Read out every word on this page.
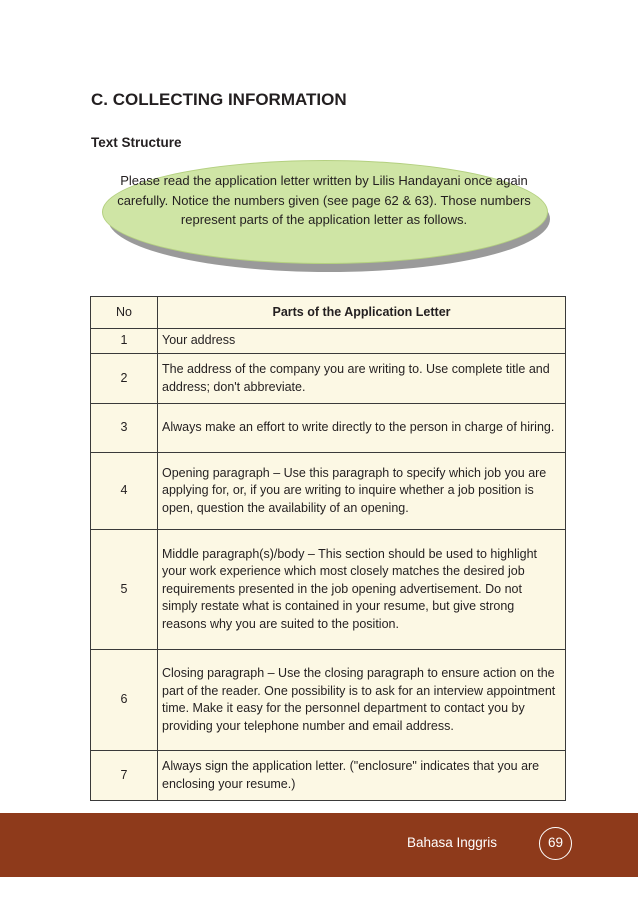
C. COLLECTING INFORMATION
Text Structure

Please read the application letter written by Lilis Handayani once again carefully. Notice the numbers given (see page 62 & 63). Those numbers represent parts of the application letter as follows.

No	Parts of the Application Letter
1	Your address
2	The address of the company you are writing to. Use complete title and address; don't abbreviate.
3	Always make an effort to write directly to the person in charge of hiring.
4	Opening paragraph – Use this paragraph to specify which job you are applying for, or, if you are writing to inquire whether a job position is open, question the availability of an opening.
5	Middle paragraph(s)/body – This section should be used to highlight your work experience which most closely matches the desired job requirements presented in the job opening advertisement. Do not simply restate what is contained in your resume, but give strong reasons why you are suited to the position.
6	Closing paragraph – Use the closing paragraph to ensure action on the part of the reader. One possibility is to ask for an interview appointment time. Make it easy for the personnel department to contact you by providing your telephone number and email address.
7	Always sign the application letter. ("enclosure" indicates that you are enclosing your resume.)

Bahasa Inggris	69
